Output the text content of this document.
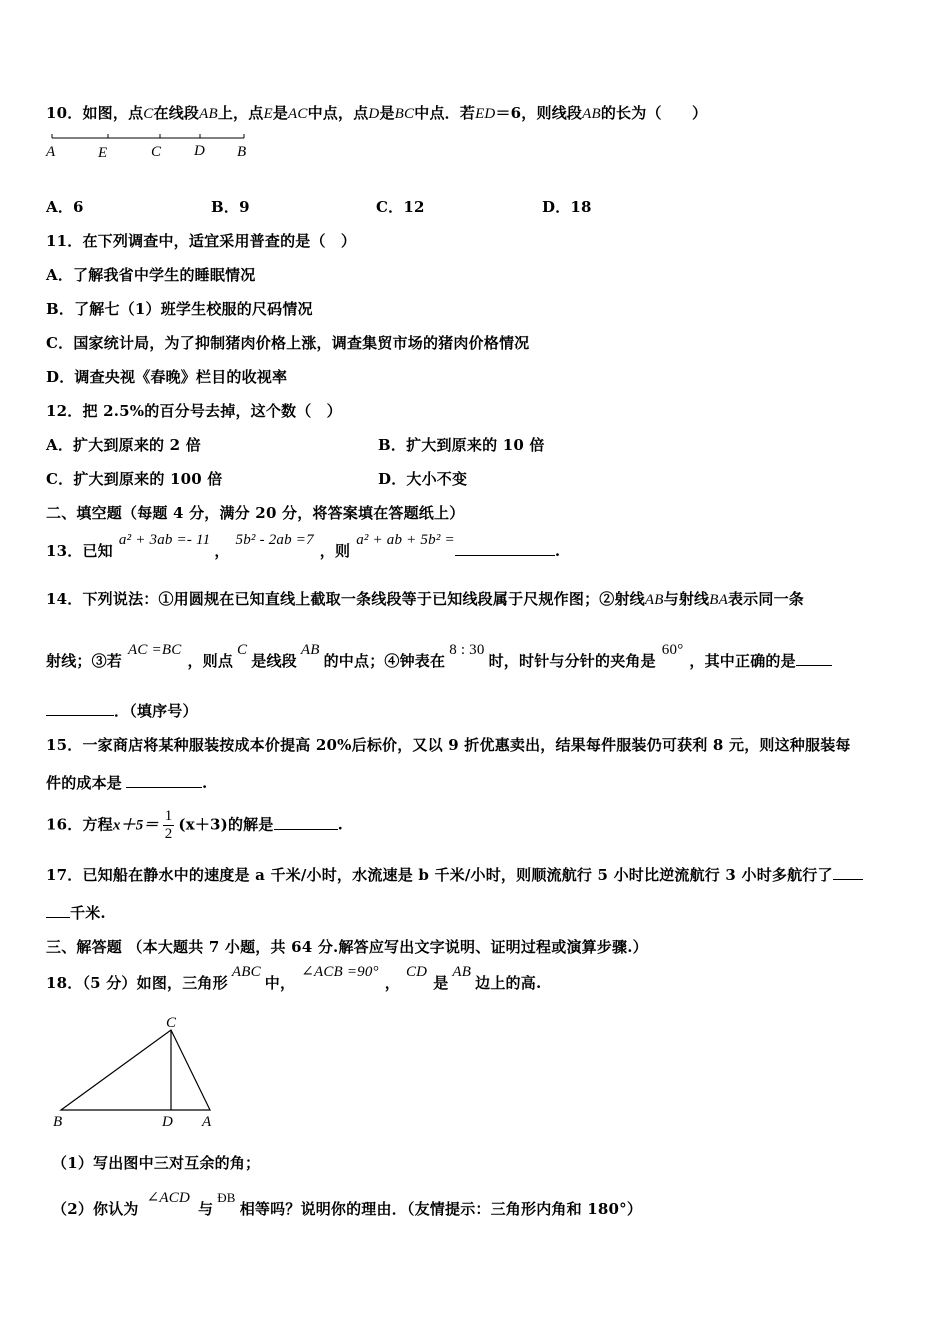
10．如图，点C在线段AB上，点E是AC中点，点D是BC中点．若ED＝6，则线段AB的长为（　　）
A	E	C D B
A．6	B．9	C．12	D．18
11．在下列调查中，适宜采用普查的是（　）
A．了解我省中学生的睡眠情况
B．了解七（1）班学生校服的尺码情况
C．国家统计局，为了抑制猪肉价格上涨，调查集贸市场的猪肉价格情况
D．调查央视《春晚》栏目的收视率
12．把 2.5%的百分号去掉，这个数（　）
A．扩大到原来的 2 倍	B．扩大到原来的 10 倍
C．扩大到原来的 100 倍	D．大小不变
二、填空题（每题 4 分，满分 20 分，将答案填在答题纸上）
13．已知a² + 3ab =- 11，5b² - 2ab =7，则a² + ab + 5b² =.
14．下列说法：①用圆规在已知直线上截取一条线段等于已知线段属于尺规作图；②射线AB与射线BA表示同一条
射线；③若AC =BC，则点C是线段AB的中点；④钟表在8 : 30时，时针与分针的夹角是60°，其中正确的是
．（填序号）
15．一家商店将某种服装按成本价提高 20%后标价，又以 9 折优惠卖出，结果每件服装仍可获利 8 元，则这种服装每
件的成本是	.
16．方程$x+5= \frac{1}{2} (x+3)$的解是	.
17．已知船在静水中的速度是 a 千米/小时，水流速是 b 千米/小时，则顺流航行 5 小时比逆流航行 3 小时多航行了
千米.
三、解答题 （本大题共 7 小题，共 64 分.解答应写出文字说明、证明过程或演算步骤.）
18．（5 分）如图，三角形ABC中，∠ACB =90°，CD是AB边上的高.
C
B	D A
（1）写出图中三对互余的角；
（2）你认为∠ACD与ÐB相等吗？说明你的理由．（友情提示：三角形内角和 180°）
